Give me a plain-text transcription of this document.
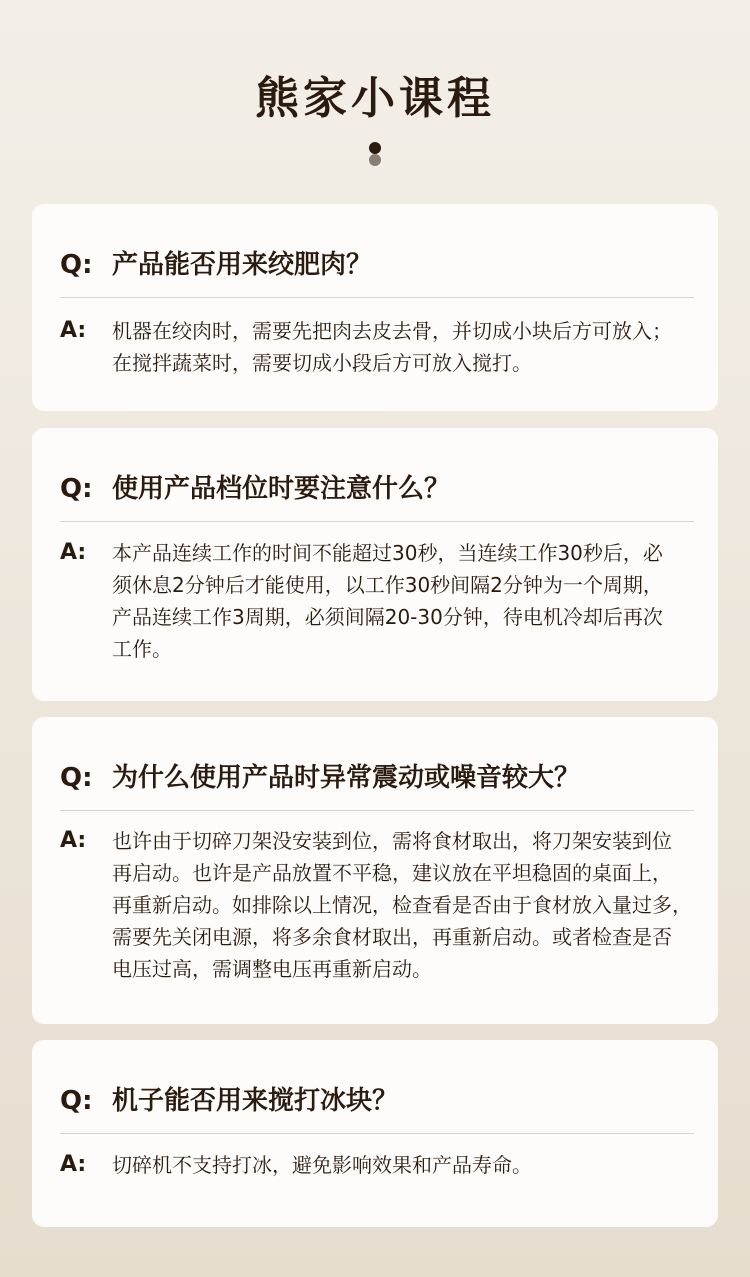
熊家小课程
Q: 产品能否用来绞肥肉？
A:	机器在绞肉时，需要先把肉去皮去骨，并切成小块后方可放入；
在搅拌蔬菜时，需要切成小段后方可放入搅打。
Q: 使用产品档位时要注意什么？
A:	本产品连续工作的时间不能超过30秒，当连续工作30秒后，必
须休息2分钟后才能使用，以工作30秒间隔2分钟为一个周期，
产品连续工作3周期，必须间隔20-30分钟，待电机冷却后再次
工作。
Q: 为什么使用产品时异常震动或噪音较大？
A:	也许由于切碎刀架没安装到位，需将食材取出，将刀架安装到位
再启动。也许是产品放置不平稳，建议放在平坦稳固的桌面上，
再重新启动。如排除以上情况，检查看是否由于食材放入量过多，
需要先关闭电源，将多余食材取出，再重新启动。或者检查是否
电压过高，需调整电压再重新启动。
Q: 机子能否用来搅打冰块？
A:	切碎机不支持打冰，避免影响效果和产品寿命。
